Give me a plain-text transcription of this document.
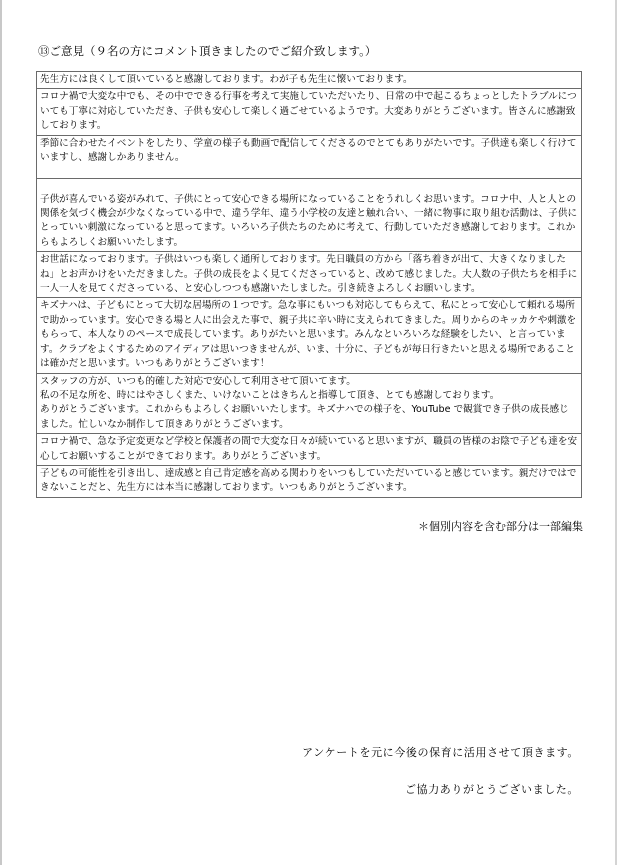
⑬ご意見（９名の方にコメント頂きましたのでご紹介致します。）
先生方には良くして頂いていると感謝しております。わが子も先生に懐いております。
コロナ禍で大変な中でも、その中でできる行事を考えて実施していただいたり、日常の中で起こるちょっとしたトラブルについても丁寧に対応していただき、子供も安心して楽しく過ごせているようです。大変ありがとうございます。皆さんに感謝致しております。
季節に合わせたイベントをしたり、学童の様子も動画で配信してくださるのでとてもありがたいです。子供達も楽しく行けていますし、感謝しかありません。

子供が喜んでいる姿がみれて、子供にとって安心できる場所になっていることをうれしくお思います。コロナ中、人と人との関係を気づく機会が少なくなっている中で、違う学年、違う小学校の友達と触れ合い、一緒に物事に取り組む活動は、子供にとっていい刺激になっていると思ってます。いろいろ子供たちのために考えて、行動していただき感謝しております。これからもよろしくお願いいたします。
お世話になっております。子供はいつも楽しく通所しております。先日職員の方から「落ち着きが出て、大きくなりましたね」とお声かけをいただきました。子供の成長をよく見てくださっていると、改めて感じました。大人数の子供たちを相手に一人一人を見てくださっている、と安心しつつも感謝いたしました。引き続きよろしくお願いします。
キズナハは、子どもにとって大切な居場所の１つです。急な事にもいつも対応してもらえて、私にとって安心して頼れる場所で助かっています。安心できる場と人に出会えた事で、親子共に辛い時に支えられてきました。周りからのキッカケや刺激をもらって、本人なりのペースで成長しています。ありがたいと思います。みんなといろいろな経験をしたい、と言っています。クラブをよくするためのアイディアは思いつきませんが、いま、十分に、子どもが毎日行きたいと思える場所であることは確かだと思います。いつもありがとうございます！
スタッフの方が、いつも的確した対応で安心して利用させて頂いてます。
私の不足な所を、時にはやさしくまた、いけないことはきちんと指導して頂き、とても感謝しております。
ありがとうございます。これからもよろしくお願いいたします。キズナハでの様子を、YouTube で観賞でき子供の成長感じました。忙しいなか制作して頂きありがとうございます。
コロナ禍で、急な予定変更など学校と保護者の間で大変な日々が続いていると思いますが、職員の皆様のお陰で子ども達を安心してお願いすることができております。ありがとうございます。
子どもの可能性を引き出し、達成感と自己肯定感を高める関わりをいつもしていただいていると感じています。親だけではできないことだと、先生方には本当に感謝しております。いつもありがとうございます。
＊個別内容を含む部分は一部編集
アンケートを元に今後の保育に活用させて頂きます。
ご協力ありがとうございました。
